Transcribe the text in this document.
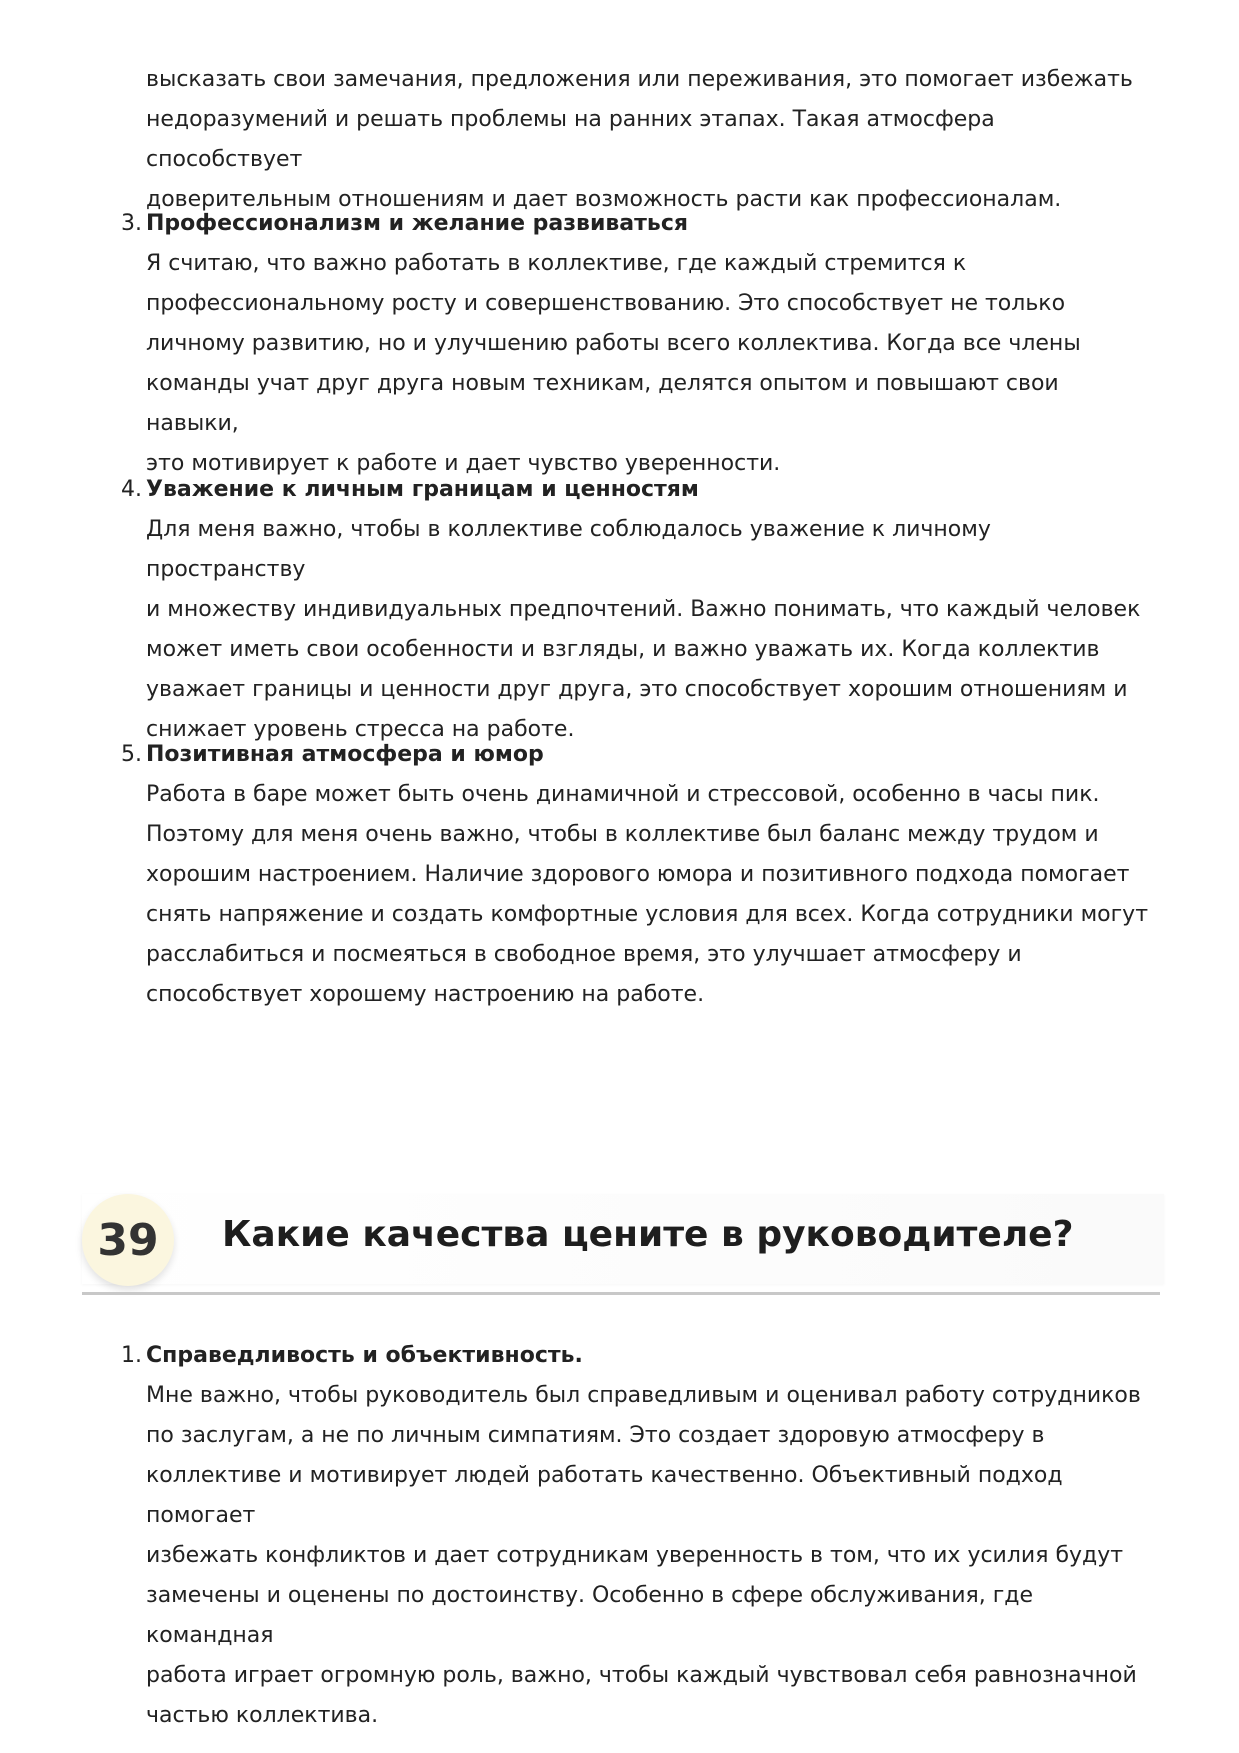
высказать свои замечания, предложения или переживания, это помогает избежать
недоразумений и решать проблемы на ранних этапах. Такая атмосфера способствует
доверительным отношениям и дает возможность расти как профессионалам.

3. Профессионализм и желание развиваться

Я считаю, что важно работать в коллективе, где каждый стремится к
профессиональному росту и совершенствованию. Это способствует не только
личному развитию, но и улучшению работы всего коллектива. Когда все члены
команды учат друг друга новым техникам, делятся опытом и повышают свои навыки,
это мотивирует к работе и дает чувство уверенности.

4. Уважение к личным границам и ценностям

Для меня важно, чтобы в коллективе соблюдалось уважение к личному пространству
и множеству индивидуальных предпочтений. Важно понимать, что каждый человек
может иметь свои особенности и взгляды, и важно уважать их. Когда коллектив
уважает границы и ценности друг друга, это способствует хорошим отношениям и
снижает уровень стресса на работе.

5. Позитивная атмосфера и юмор

Работа в баре может быть очень динамичной и стрессовой, особенно в часы пик.
Поэтому для меня очень важно, чтобы в коллективе был баланс между трудом и
хорошим настроением. Наличие здорового юмора и позитивного подхода помогает
снять напряжение и создать комфортные условия для всех. Когда сотрудники могут
расслабиться и посмеяться в свободное время, это улучшает атмосферу и
способствует хорошему настроению на работе.

39	Какие качества цените в руководителе?

1. Справедливость и объективность.

Мне важно, чтобы руководитель был справедливым и оценивал работу сотрудников
по заслугам, а не по личным симпатиям. Это создает здоровую атмосферу в
коллективе и мотивирует людей работать качественно. Объективный подход помогает
избежать конфликтов и дает сотрудникам уверенность в том, что их усилия будут
замечены и оценены по достоинству. Особенно в сфере обслуживания, где командная
работа играет огромную роль, важно, чтобы каждый чувствовал себя равнозначной
частью коллектива.
